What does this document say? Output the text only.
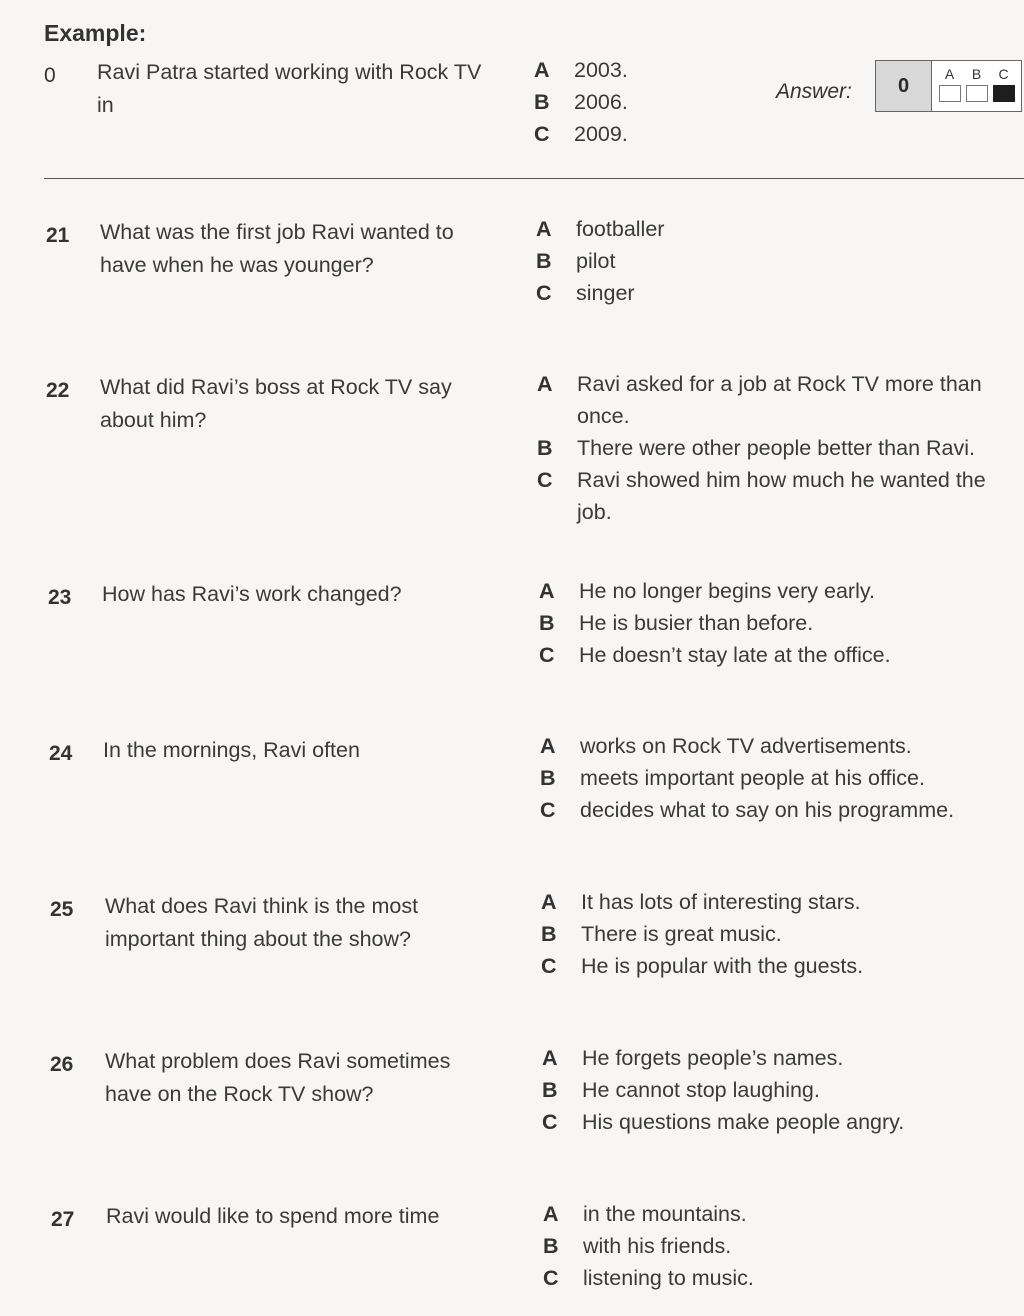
Example:
0 Ravi Patra started working with Rock TV in
A	2003.
B	2006.
C	2009.
Answer:	0
A B C
21 What was the first job Ravi wanted to have when he was younger?
A	footballer
B	pilot
C	singer
22 What did Ravi’s boss at Rock TV say about him?
A	Ravi asked for a job at Rock TV more than once.
B	There were other people better than Ravi.
C	Ravi showed him how much he wanted the job.
23 How has Ravi’s work changed?	A	He no longer begins very early.
B	He is busier than before.
C	He doesn’t stay late at the office.
24 In the mornings, Ravi often	A	works on Rock TV advertisements.
B	meets important people at his office.
C	decides what to say on his programme.
25 What does Ravi think is the most important thing about the show?
A	It has lots of interesting stars.
B	There is great music.
C	He is popular with the guests.
26 What problem does Ravi sometimes have on the Rock TV show?
A	He forgets people’s names.
B	He cannot stop laughing.
C	His questions make people angry.
27 Ravi would like to spend more time	A	in the mountains.
B	with his friends.
C	listening to music.
